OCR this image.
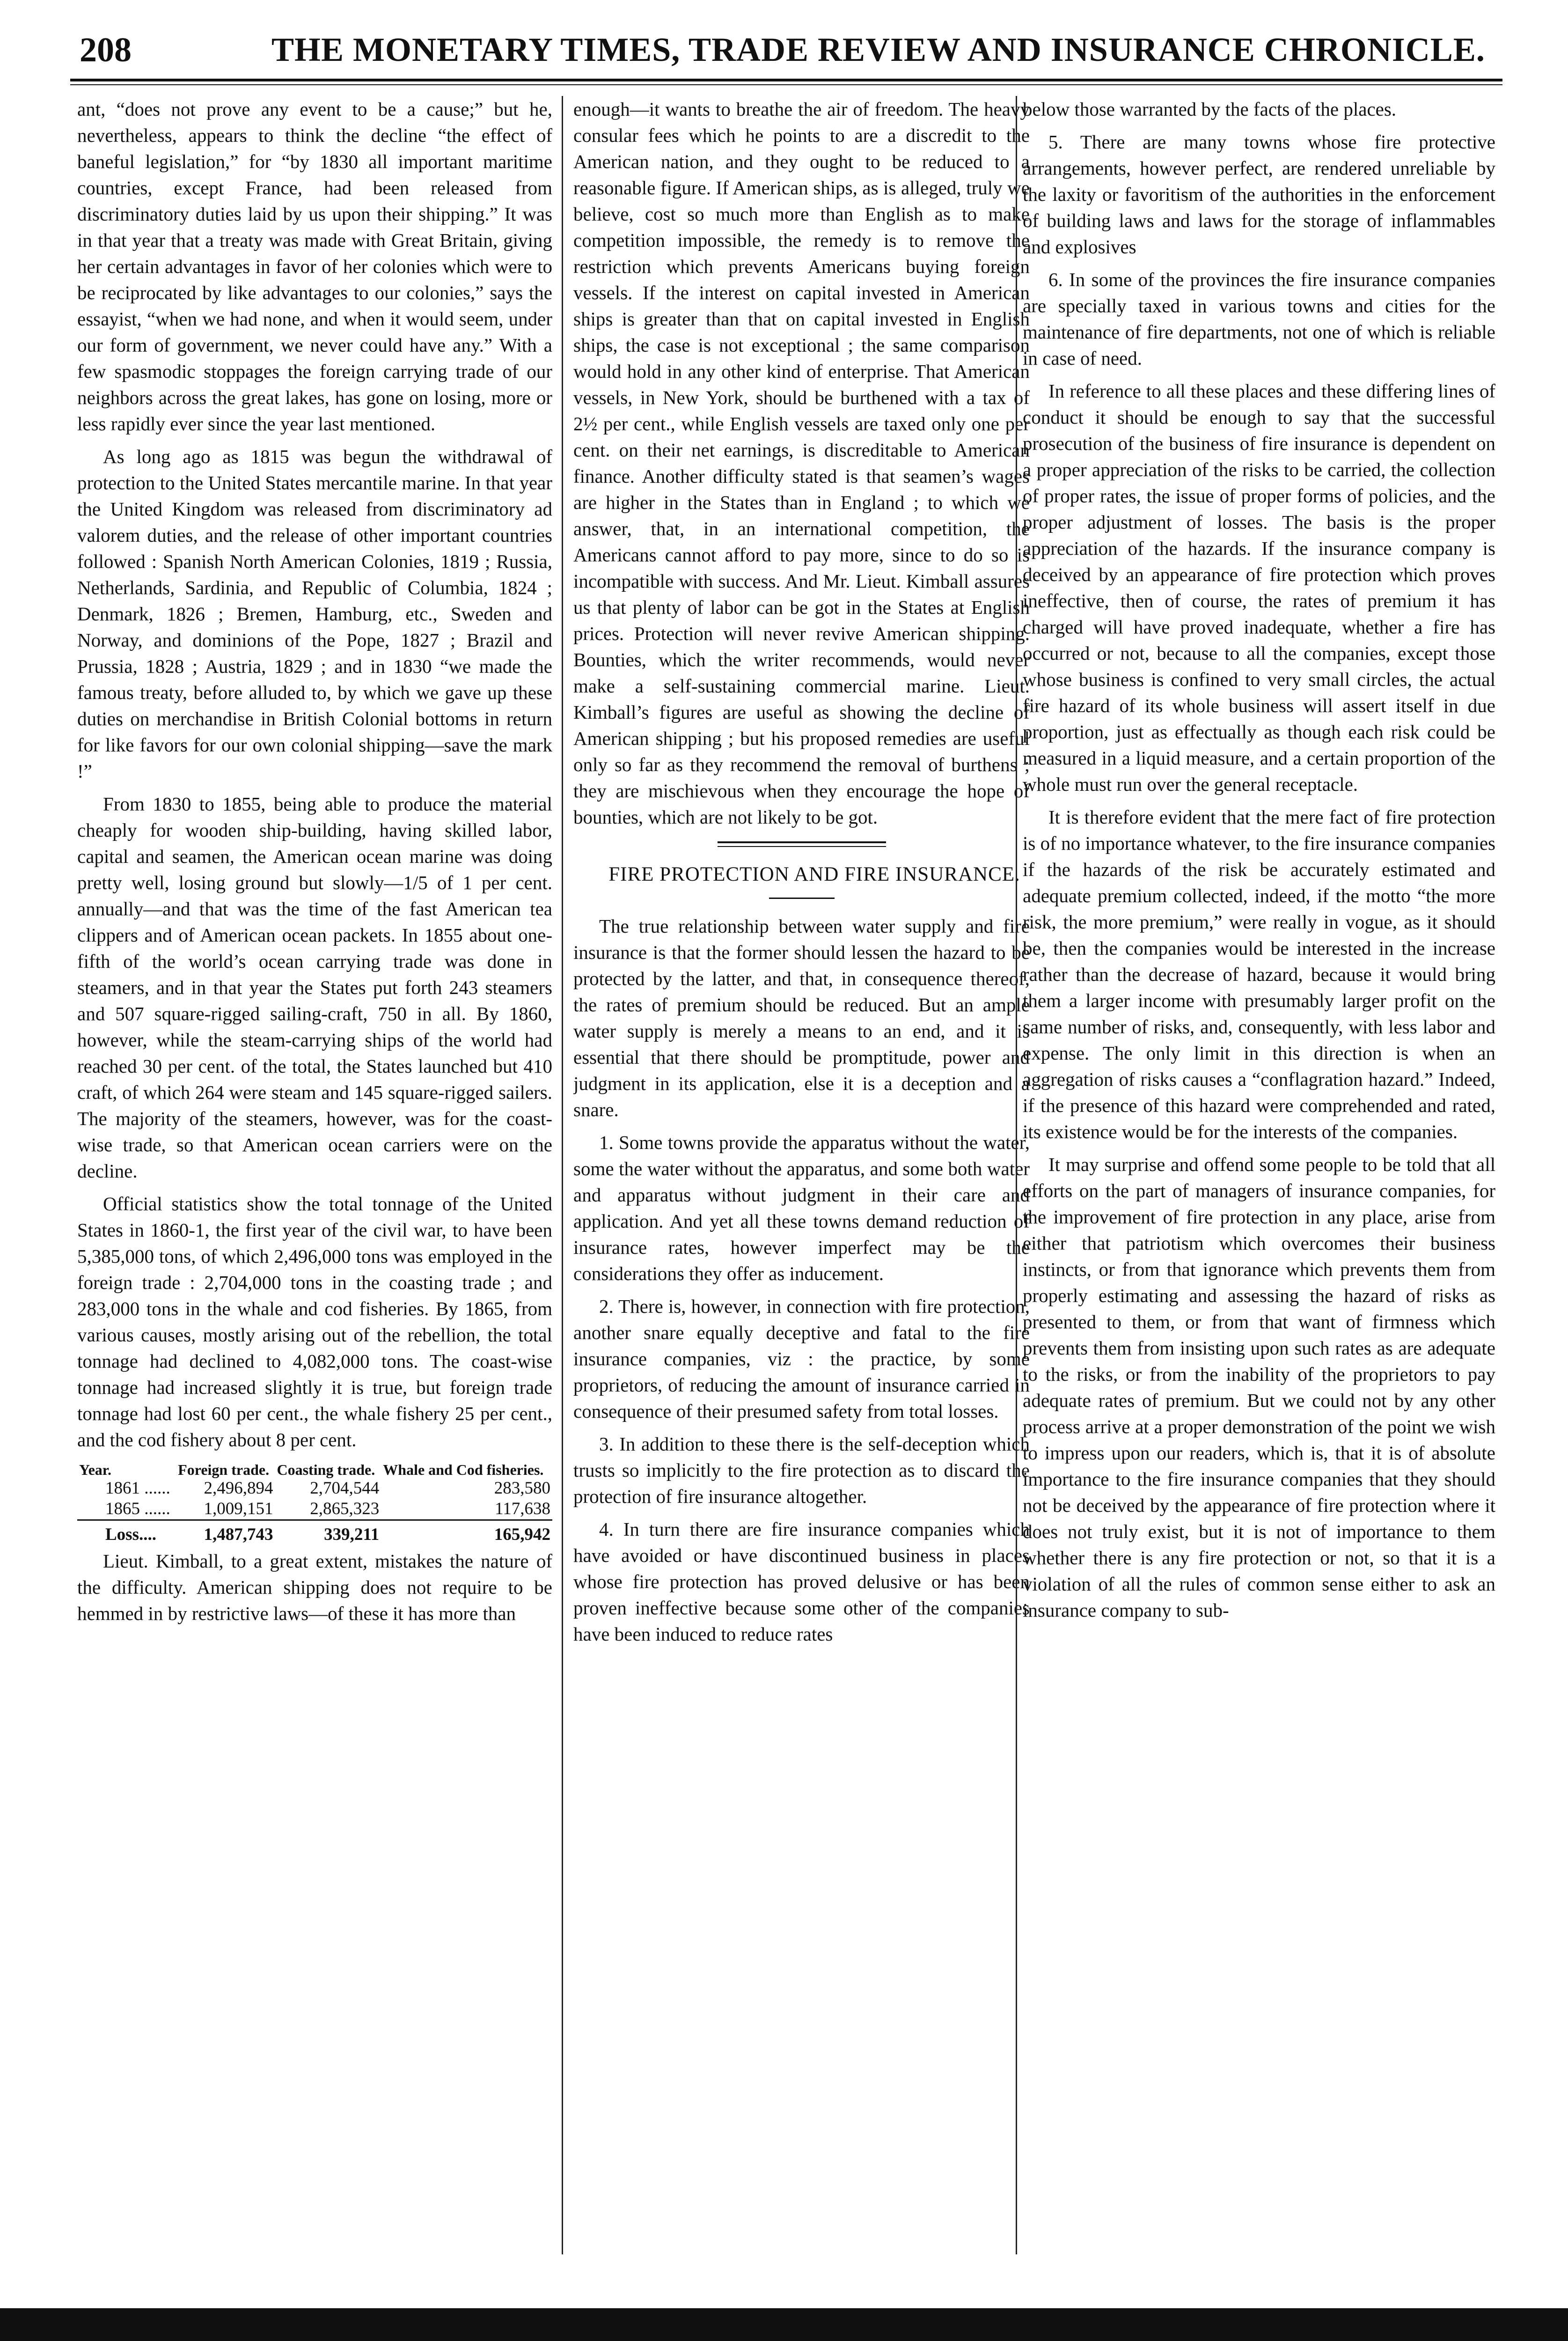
208	THE MONETARY TIMES, TRADE REVIEW AND INSURANCE CHRONICLE.

ant, “does not prove any event to be a cause;” but he, nevertheless, appears to think the decline “the effect of baneful legislation,” for “by 1830 all important maritime countries, except France, had been released from discriminatory duties laid by us upon their shipping.” It was in that year that a treaty was made with Great Britain, giving her certain advantages in favor of her colonies which were to be reciprocated by like advantages to our colonies,” says the essayist, “when we had none, and when it would seem, under our form of government, we never could have any.” With a few spasmodic stoppages the foreign carrying trade of our neighbors across the great lakes, has gone on losing, more or less rapidly ever since the year last mentioned.

As long ago as 1815 was begun the withdrawal of protection to the United States mercantile marine. In that year the United Kingdom was released from discriminatory ad valorem duties, and the release of other important countries followed : Spanish North American Colonies, 1819 ; Russia, Netherlands, Sardinia, and Republic of Columbia, 1824 ; Denmark, 1826 ; Bremen, Hamburg, etc., Sweden and Norway, and dominions of the Pope, 1827 ; Brazil and Prussia, 1828 ; Austria, 1829 ; and in 1830 “we made the famous treaty, before alluded to, by which we gave up these duties on merchandise in British Colonial bottoms in return for like favors for our own colonial shipping—save the mark !”

From 1830 to 1855, being able to produce the material cheaply for wooden ship-building, having skilled labor, capital and seamen, the American ocean marine was doing pretty well, losing ground but slowly—1/5 of 1 per cent. annually—and that was the time of the fast American tea clippers and of American ocean packets. In 1855 about one-fifth of the world’s ocean carrying trade was done in steamers, and in that year the States put forth 243 steamers and 507 square-rigged sailing-craft, 750 in all. By 1860, however, while the steam-carrying ships of the world had reached 30 per cent. of the total, the States launched but 410 craft, of which 264 were steam and 145 square-rigged sailers. The majority of the steamers, however, was for the coast-wise trade, so that American ocean carriers were on the decline.

Official statistics show the total tonnage of the United States in 1860-1, the first year of the civil war, to have been 5,385,000 tons, of which 2,496,000 tons was employed in the foreign trade : 2,704,000 tons in the coasting trade ; and 283,000 tons in the whale and cod fisheries. By 1865, from various causes, mostly arising out of the rebellion, the total tonnage had declined to 4,082,000 tons. The coast-wise tonnage had increased slightly it is true, but foreign trade tonnage had lost 60 per cent., the whale fishery 25 per cent., and the cod fishery about 8 per cent.

Year.	Foreign trade.	Coasting trade.	Whale and Cod fisheries.
1861 ......	2,496,894	2,704,544	283,580
1865 ......	1,009,151	2,865,323	117,638
Loss....	1,487,743	339,211	165,942

Lieut. Kimball, to a great extent, mistakes the nature of the difficulty. American shipping does not require to be hemmed in by restrictive laws—of these it has more than

enough—it wants to breathe the air of freedom. The heavy consular fees which he points to are a discredit to the American nation, and they ought to be reduced to a reasonable figure. If American ships, as is alleged, truly we believe, cost so much more than English as to make competition impossible, the remedy is to remove the restriction which prevents Americans buying foreign vessels. If the interest on capital invested in American ships is greater than that on capital invested in English ships, the case is not exceptional ; the same comparison would hold in any other kind of enterprise. That American vessels, in New York, should be burthened with a tax of 2½ per cent., while English vessels are taxed only one per cent. on their net earnings, is discreditable to American finance. Another difficulty stated is that seamen’s wages are higher in the States than in England ; to which we answer, that, in an international competition, the Americans cannot afford to pay more, since to do so is incompatible with success. And Mr. Lieut. Kimball assures us that plenty of labor can be got in the States at English prices. Protection will never revive American shipping. Bounties, which the writer recommends, would never make a self-sustaining commercial marine. Lieut. Kimball’s figures are useful as showing the decline of American shipping ; but his proposed remedies are useful only so far as they recommend the removal of burthens ; they are mischievous when they encourage the hope of bounties, which are not likely to be got.

FIRE PROTECTION AND FIRE INSURANCE.

The true relationship between water supply and fire insurance is that the former should lessen the hazard to be protected by the latter, and that, in consequence thereof, the rates of premium should be reduced. But an ample water supply is merely a means to an end, and it is essential that there should be promptitude, power and judgment in its application, else it is a deception and a snare.

1. Some towns provide the apparatus without the water, some the water without the apparatus, and some both water and apparatus without judgment in their care and application. And yet all these towns demand reduction of insurance rates, however imperfect may be the considerations they offer as inducement.

2. There is, however, in connection with fire protection, another snare equally deceptive and fatal to the fire insurance companies, viz : the practice, by some proprietors, of reducing the amount of insurance carried in consequence of their presumed safety from total losses.

3. In addition to these there is the self-deception which trusts so implicitly to the fire protection as to discard the protection of fire insurance altogether.

4. In turn there are fire insurance companies which have avoided or have discontinued business in places whose fire protection has proved delusive or has been proven ineffective because some other of the companies have been induced to reduce rates

below those warranted by the facts of the places.

5. There are many towns whose fire protective arrangements, however perfect, are rendered unreliable by the laxity or favoritism of the authorities in the enforcement of building laws and laws for the storage of inflammables and explosives

6. In some of the provinces the fire insurance companies are specially taxed in various towns and cities for the maintenance of fire departments, not one of which is reliable in case of need.

In reference to all these places and these differing lines of conduct it should be enough to say that the successful prosecution of the business of fire insurance is dependent on a proper appreciation of the risks to be carried, the collection of proper rates, the issue of proper forms of policies, and the proper adjustment of losses. The basis is the proper appreciation of the hazards. If the insurance company is deceived by an appearance of fire protection which proves ineffective, then of course, the rates of premium it has charged will have proved inadequate, whether a fire has occurred or not, because to all the companies, except those whose business is confined to very small circles, the actual fire hazard of its whole business will assert itself in due proportion, just as effectually as though each risk could be measured in a liquid measure, and a certain proportion of the whole must run over the general receptacle.

It is therefore evident that the mere fact of fire protection is of no importance whatever, to the fire insurance companies if the hazards of the risk be accurately estimated and adequate premium collected, indeed, if the motto “the more risk, the more premium,” were really in vogue, as it should be, then the companies would be interested in the increase rather than the decrease of hazard, because it would bring them a larger income with presumably larger profit on the same number of risks, and, consequently, with less labor and expense. The only limit in this direction is when an aggregation of risks causes a “conflagration hazard.” Indeed, if the presence of this hazard were comprehended and rated, its existence would be for the interests of the companies.

It may surprise and offend some people to be told that all efforts on the part of managers of insurance companies, for the improvement of fire protection in any place, arise from either that patriotism which overcomes their business instincts, or from that ignorance which prevents them from properly estimating and assessing the hazard of risks as presented to them, or from that want of firmness which prevents them from insisting upon such rates as are adequate to the risks, or from the inability of the proprietors to pay adequate rates of premium. But we could not by any other process arrive at a proper demonstration of the point we wish to impress upon our readers, which is, that it is of absolute importance to the fire insurance companies that they should not be deceived by the appearance of fire protection where it does not truly exist, but it is not of importance to them whether there is any fire protection or not, so that it is a violation of all the rules of common sense either to ask an insurance company to sub-
